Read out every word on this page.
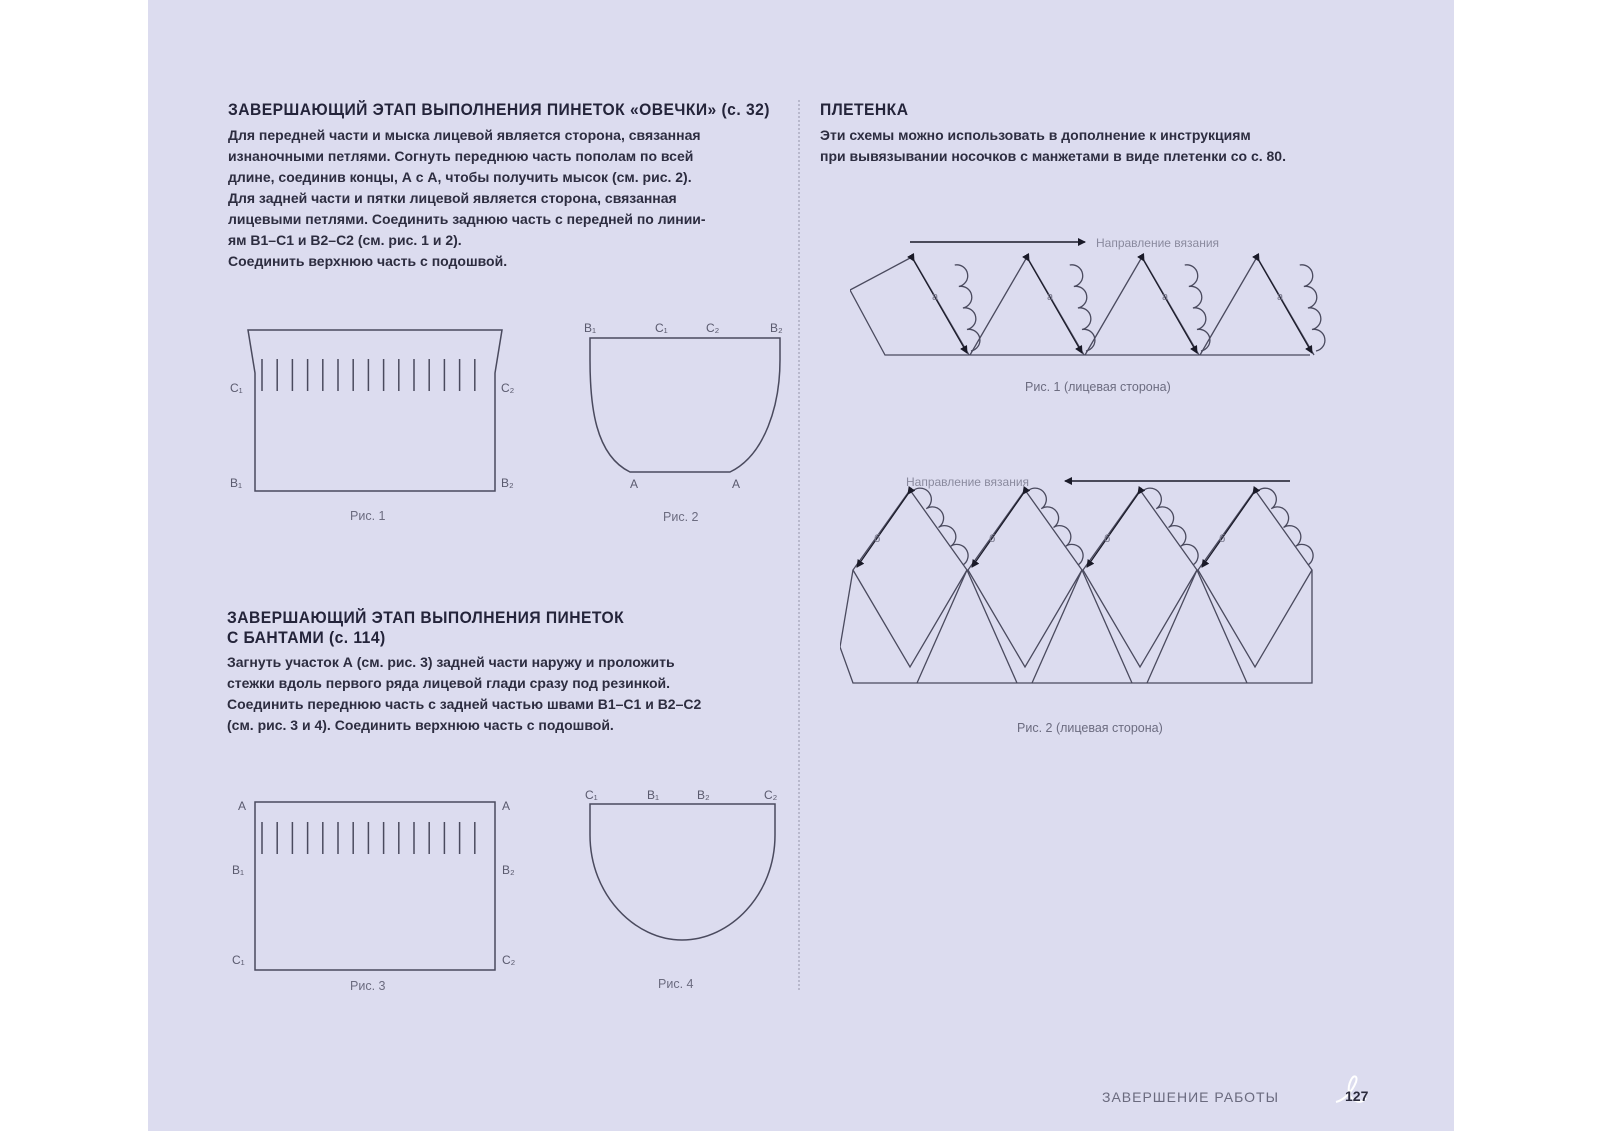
ЗАВЕРШАЮЩИЙ ЭТАП ВЫПОЛНЕНИЯ ПИНЕТОК «ОВЕЧКИ» (с. 32)
Для передней части и мыска лицевой является сторона, связанная
изнаночными петлями. Согнуть переднюю часть пополам по всей
длине, соединив концы, А с А, чтобы получить мысок (см. рис. 2).
Для задней части и пятки лицевой является сторона, связанная
лицевыми петлями. Соединить заднюю часть с передней по линии-
ям В1–С1 и В2–С2 (см. рис. 1 и 2).
Соединить верхнюю часть с подошвой.
C₁	C₂
B₁	B₂
Рис. 1
B₁	C₁	C₂	B₂
A	A
Рис. 2
ЗАВЕРШАЮЩИЙ ЭТАП ВЫПОЛНЕНИЯ ПИНЕТОК
С БАНТАМИ (с. 114)
Загнуть участок А (см. рис. 3) задней части наружу и проложить
стежки вдоль первого ряда лицевой глади сразу под резинкой.
Соединить переднюю часть с задней частью швами В1–С1 и В2–С2
(см. рис. 3 и 4). Соединить верхнюю часть с подошвой.
A	A
B₁	B₂
C₁	C₂
Рис. 3
C₁	B₁	B₂	C₂
Рис. 4
ПЛЕТЕНКА
Эти схемы можно использовать в дополнение к инструкциям
при вывязывании носочков с манжетами в виде плетенки со с. 80.
Направление вязания
a	a	a	a
Рис. 1 (лицевая сторона)
Направление вязания
б	б	б	б
Рис. 2 (лицевая сторона)
ЗАВЕРШЕНИЕ РАБОТЫ	127
